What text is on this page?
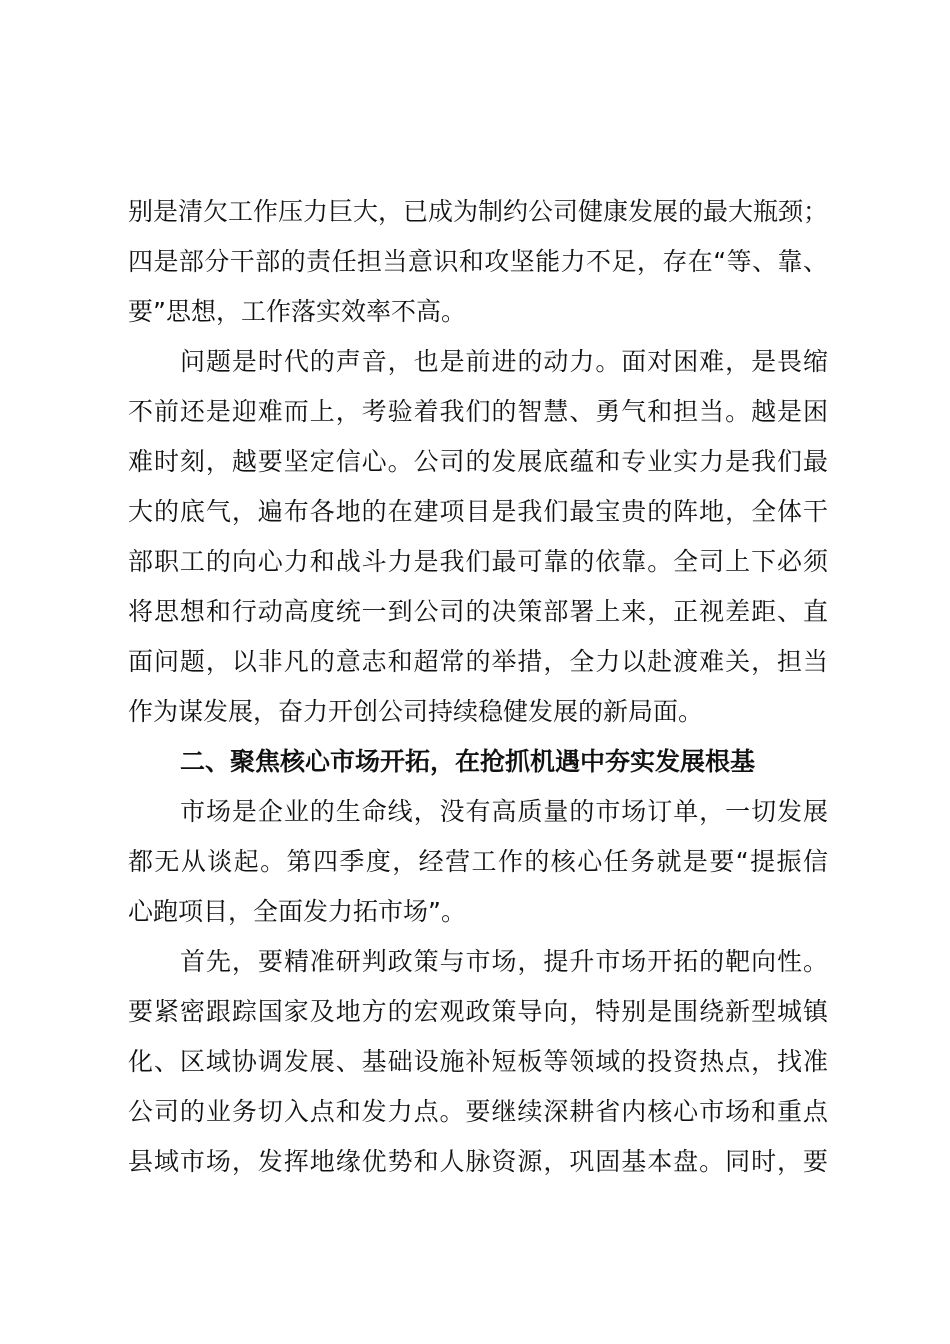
别是清欠工作压力巨大，已成为制约公司健康发展的最大瓶颈；
四是部分干部的责任担当意识和攻坚能力不足，存在“等、靠、
要”思想，工作落实效率不高。
问题是时代的声音，也是前进的动力。面对困难，是畏缩
不前还是迎难而上，考验着我们的智慧、勇气和担当。越是困
难时刻，越要坚定信心。公司的发展底蕴和专业实力是我们最
大的底气，遍布各地的在建项目是我们最宝贵的阵地，全体干
部职工的向心力和战斗力是我们最可靠的依靠。全司上下必须
将思想和行动高度统一到公司的决策部署上来，正视差距、直
面问题，以非凡的意志和超常的举措，全力以赴渡难关，担当
作为谋发展，奋力开创公司持续稳健发展的新局面。
二、聚焦核心市场开拓，在抢抓机遇中夯实发展根基
市场是企业的生命线，没有高质量的市场订单，一切发展
都无从谈起。第四季度，经营工作的核心任务就是要“提振信
心跑项目，全面发力拓市场”。
首先，要精准研判政策与市场，提升市场开拓的靶向性。
要紧密跟踪国家及地方的宏观政策导向，特别是围绕新型城镇
化、区域协调发展、基础设施补短板等领域的投资热点，找准
公司的业务切入点和发力点。要继续深耕省内核心市场和重点
县域市场，发挥地缘优势和人脉资源，巩固基本盘。同时，要
